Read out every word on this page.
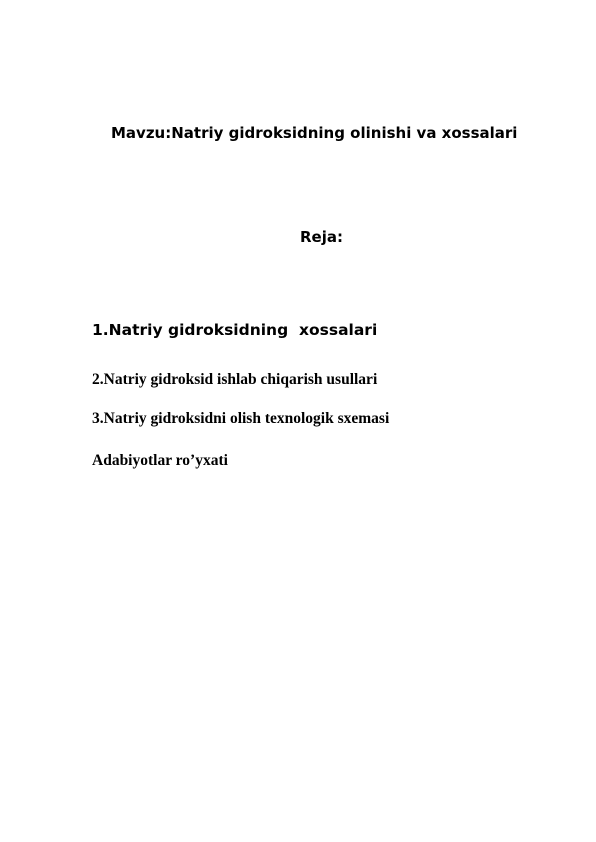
Mavzu:Natriy gidroksidning olinishi va xossalari
Reja:
1.Natriy gidroksidning  xossalari
2.Natriy gidroksid ishlab chiqarish usullari
3.Natriy gidroksidni olish texnologik sxemasi
Adabiyotlar ro’yxati
